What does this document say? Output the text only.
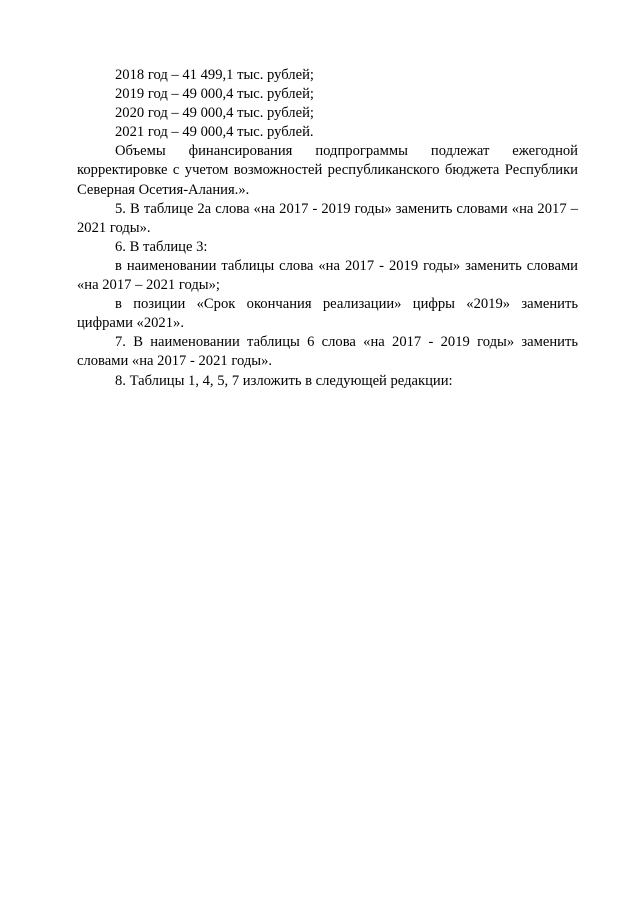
2018 год – 41 499,1 тыс. рублей;

2019 год – 49 000,4 тыс. рублей;

2020 год – 49 000,4 тыс. рублей;

2021 год – 49 000,4 тыс. рублей.

Объемы финансирования подпрограммы подлежат ежегодной корректировке с учетом возможностей республиканского бюджета Республики Северная Осетия-Алания.».

5. В таблице 2а слова «на 2017 - 2019 годы» заменить словами «на 2017 – 2021 годы».

6. В таблице 3:

в наименовании таблицы слова «на 2017 - 2019 годы» заменить словами «на 2017 – 2021 годы»;

в позиции «Срок окончания реализации» цифры «2019» заменить цифрами «2021».

7. В наименовании таблицы 6 слова «на 2017 - 2019 годы» заменить словами «на 2017 - 2021 годы».

8. Таблицы 1, 4, 5, 7 изложить в следующей редакции:
